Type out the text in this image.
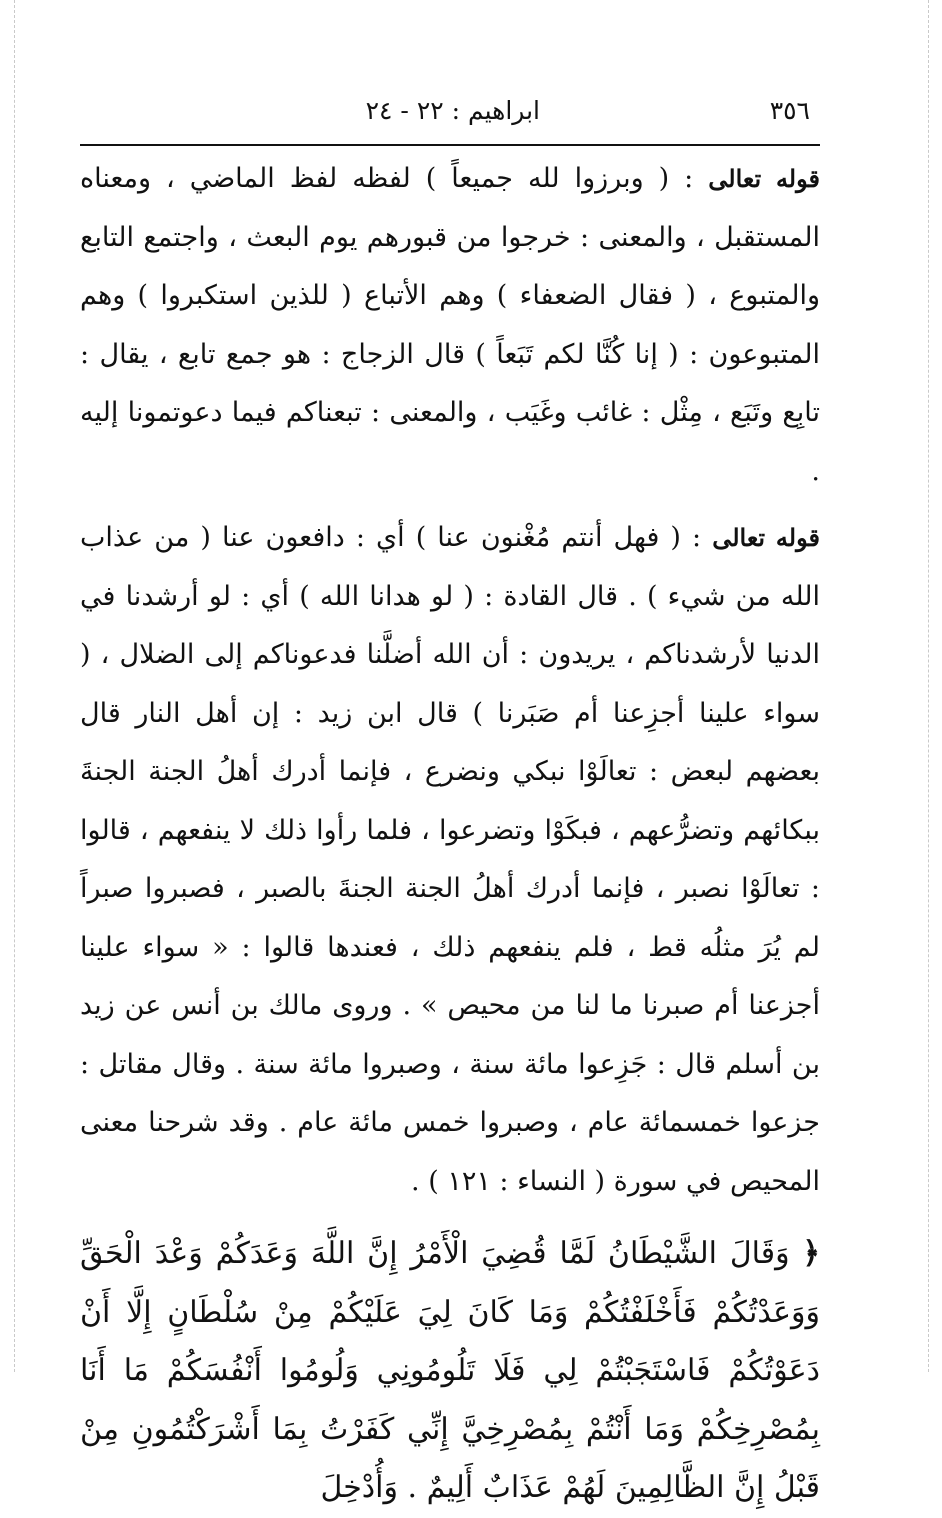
٣٥٦
ابراهيم : ٢٢ - ٢٤

قوله تعالى : ( وبرزوا لله جميعاً ) لفظه لفظ الماضي ، ومعناه المستقبل ، والمعنى : خرجوا من قبورهم يوم البعث ، واجتمع التابع والمتبوع ، ( فقال الضعفاء ) وهم الأتباع ( للذين استكبروا ) وهم المتبوعون : ( إنا كُنَّا لكم تَبَعاً ) قال الزجاج : هو جمع تابع ، يقال : تابِع وتَبَع ، مِثْل : غائب وغَيَب ، والمعنى : تبعناكم فيما دعوتمونا إليه .

قوله تعالى : ( فهل أنتم مُغْنون عنا ) أي : دافعون عنا ( من عذاب الله من شيء ) . قال القادة : ( لو هدانا الله ) أي : لو أرشدنا في الدنيا لأرشدناكم ، يريدون : أن الله أضلَّنا فدعوناكم إلى الضلال ، ( سواء علينا أجزِعنا أم صَبَرنا ) قال ابن زيد : إن أهل النار قال بعضهم لبعض : تعالَوْا نبكي ونضرع ، فإنما أدرك أهلُ الجنة الجنةَ ببكائهم وتضرُّعهم ، فبكَوْا وتضرعوا ، فلما رأوا ذلك لا ينفعهم ، قالوا : تعالَوْا نصبر ، فإنما أدرك أهلُ الجنة الجنةَ بالصبر ، فصبروا صبراً لم يُرَ مثلُه قط ، فلم ينفعهم ذلك ، فعندها قالوا : « سواء علينا أجزعنا أم صبرنا ما لنا من محيص » . وروى مالك بن أنس عن زيد بن أسلم قال : جَزِعوا مائة سنة ، وصبروا مائة سنة . وقال مقاتل : جزعوا خمسمائة عام ، وصبروا خمس مائة عام . وقد شرحنا معنى المحيص في سورة ( النساء : ١٢١ ) .

﴿ وَقَالَ الشَّيْطَانُ لَمَّا قُضِيَ الْأَمْرُ إِنَّ اللَّهَ وَعَدَكُمْ وَعْدَ الْحَقِّ وَوَعَدْتُكُمْ فَأَخْلَفْتُكُمْ وَمَا كَانَ لِيَ عَلَيْكُمْ مِنْ سُلْطَانٍ إِلَّا أَنْ دَعَوْتُكُمْ فَاسْتَجَبْتُمْ لِي فَلَا تَلُومُونِي وَلُومُوا أَنْفُسَكُمْ مَا أَنَا بِمُصْرِخِكُمْ وَمَا أَنْتُمْ بِمُصْرِخِيَّ إِنِّي كَفَرْتُ بِمَا أَشْرَكْتُمُونِ مِنْ قَبْلُ إِنَّ الظَّالِمِينَ لَهُمْ عَذَابٌ أَلِيمٌ . وَأُدْخِلَ
